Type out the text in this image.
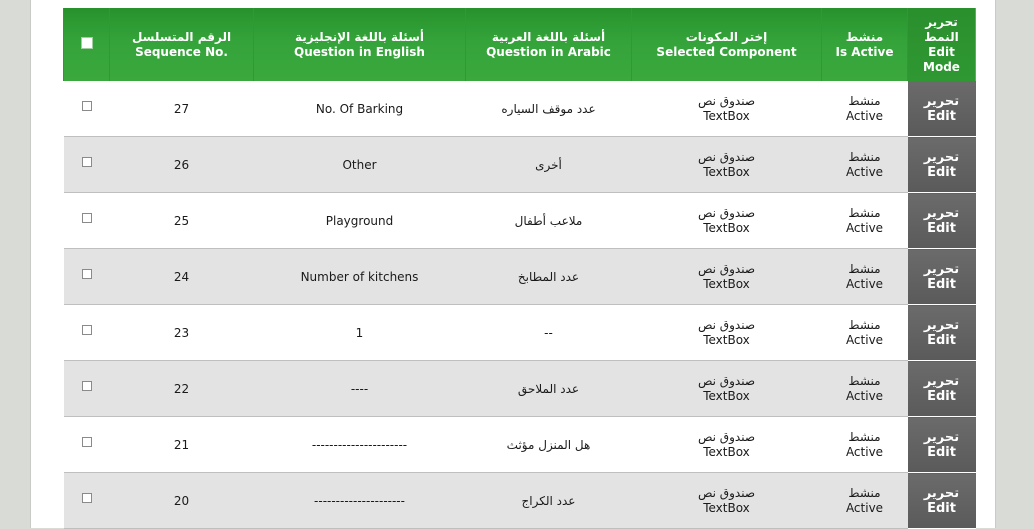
	الرقم المتسلسل
Sequence No.	أسئلة باللغة الإنجليزية
Question in English	أسئلة باللغة العربية
Question in Arabic	إختر المكونات
Selected Component	منشط
Is Active	تحرير
النمط
Edit
Mode

	27	No. Of Barking	عدد موقف السياره	صندوق نص
TextBox	منشط
Active	تحرير
Edit

	26	Other	أخرى	صندوق نص
TextBox	منشط
Active	تحرير
Edit

	25	Playground	ملاعب أطفال	صندوق نص
TextBox	منشط
Active	تحرير
Edit

	24	Number of kitchens	عدد المطابخ	صندوق نص
TextBox	منشط
Active	تحرير
Edit

	23	1	--	صندوق نص
TextBox	منشط
Active	تحرير
Edit

	22	----	عدد الملاحق	صندوق نص
TextBox	منشط
Active	تحرير
Edit

	21	----------------------	هل المنزل مؤثث	صندوق نص
TextBox	منشط
Active	تحرير
Edit

	20	---------------------	عدد الكراج	صندوق نص
TextBox	منشط
Active	تحرير
Edit
